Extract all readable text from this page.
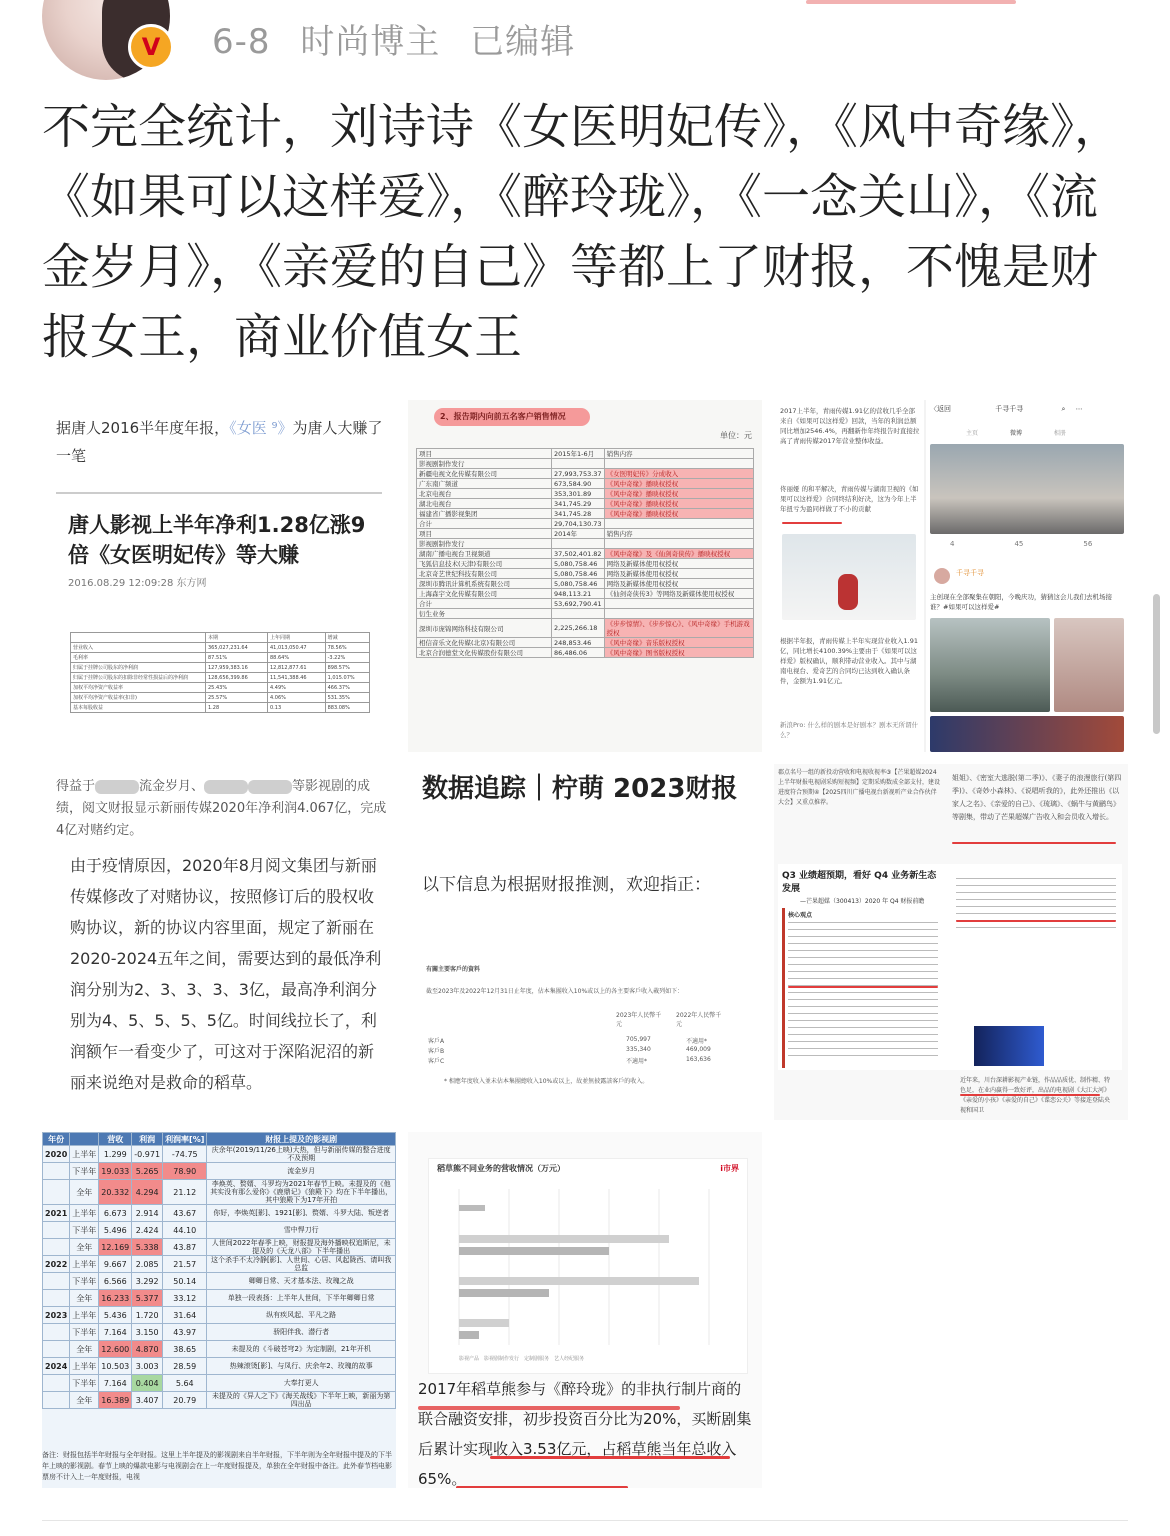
V 6-8 时尚博主 已编辑
不完全统计，刘诗诗《女医明妃传》，《风中奇缘》，《如果可以这样爱》，《醉玲珑》，《一念关山》，《流金岁月》，《亲爱的自己》等都上了财报，不愧是财报女王，商业价值女王
据唐人2016半年度年报，《女医 ⁹》为唐人大赚了一笔
唐人影视上半年净利1.28亿涨9倍《女医明妃传》等大赚
2016.08.29 12:09:28 东方网
	本期	上年同期	增减
营业收入	365,027,231.64	41,013,050.47	78.56%
毛利率	87.51%	88.64%	-3.22%
归属于挂牌公司股东的净利润	127,959,383.16	12,812,877.61	898.57%
归属于挂牌公司股东的扣除非经常性损益后的净利润	128,656,399.86	11,541,388.46	1,015.07%
加权平均净资产收益率	25.43%	4.49%	466.37%
加权平均净资产收益率(扣非)	25.57%	4.06%	531.35%
基本每股收益	1.28	0.13	883.08%
2、报告期内向前五名客户销售情况
单位：元
项目	2015年1-6月	销售内容
影视剧制作发行		
新疆电视文化传媒有限公司	27,993,753.37	《女医明妃传》分成收入
广东南广频道	673,584.90	《风中奇缘》播映权授权
北京电视台	353,301.89	《风中奇缘》播映权授权
湖北电视台	341,745.29	《风中奇缘》播映权授权
福建省广播影视集团	341,745.28	《风中奇缘》播映权授权
合计	29,704,130.73	
项目	2014年	销售内容
影视剧制作发行		
湖南广播电视台卫视频道	37,502,401.82	《风中奇缘》及《仙剑奇侠传》播映权授权
飞狐信息技术(天津)有限公司	5,080,758.46	网络及新媒体使用权授权
北京奇艺世纪科技有限公司	5,080,758.46	网络及新媒体使用权授权
深圳市腾讯计算机系统有限公司	5,080,758.46	网络及新媒体使用权授权
上海森宇文化传媒有限公司	948,113.21	《仙剑奇侠传3》等网络及新媒体使用权授权
合计	53,692,790.41	
衍生业务		
深圳市庞锦网络科技有限公司	2,225,266.18	《步步惊情》、《步步惊心》、《风中奇缘》手机游戏授权
相信音乐文化传媒(北京)有限公司	248,853.46	《风中奇缘》音乐版权授权
北京合润德堂文化传媒股份有限公司	86,486.06	《风中奇缘》图书版权授权

2017上半年，青雨传媒1.91亿的营收几乎全部来自《如果可以这样爱》回款，当年的利润总额同比增加2546.4%，再翻新作年终报告时直接拉高了青雨传媒2017年营业整体收益。

佟丽娅 的和平解决，青雨传媒与湖南卫视的《如果可以这样爱》合同终结利好决，这为今年上半年扭亏为盈同样做了不小的贡献

根据半年报，青雨传媒上半年实现营业收入1.91亿，同比增长4100.39%主要由于《如果可以这样爱》版权确认，顺利带动营业收入。其中与湖南电视台、爱奇艺的合同均已达到收入确认条件，金额为1.91亿元。

新浪Pro: 什么样的剧本是好剧本？剧本无所谓什么？

〈返回	千寻千寻	⌕ ⋯
主页	微博	相册
4	45	56
千寻千寻
主创现在全部聚集在朝阳，今晚庆功，猜猜这会儿我们去机场接谁？#如果可以这样爱#
得益于	流金岁月、	等影视剧的成绩，阅文财报显示新丽传媒2020年净利润4.067亿，完成4亿对赌约定。
由于疫情原因，2020年8月阅文集团与新丽传媒修改了对赌协议，按照修订后的股权收购协议，新的协议内容里面，规定了新丽在2020-2024五年之间，需要达到的最低净利润分别为2、3、3、3、3亿，最高净利润分别为4、5、5、5、5亿。时间线拉长了，利润额乍一看变少了，可这对于深陷泥沼的新丽来说绝对是救命的稻草。
数据追踪｜柠萌 2023财报
以下信息为根据财报推测，欢迎指正：

有關主要客戶的資料

截至2023年及2022年12月31日止年度，佔本集團收入10%或以上的各主要客戶收入載列如下：

2023年人民幣千元

2022年人民幣千元

客戶A	705,997	不適用*

客戶B	335,340	469,009

客戶C	不適用*	163,636

* 相應年度收入並未佔本集團總收入10%或以上，故並無披露該客戶的收入。

郡点名号一组的新投动营收和电视收视率③【芒果超媒2024上半年财报电视剧采购短视频】定期采购数成全部支付，建设进度符合预期④【2025四川广播电视台新视听产业合作伙伴大会】又重点推荐。
姐姐》、《密室大逃脱(第二季)》、《妻子的浪漫旅行(第四季)》、《奇妙小森林》、《说唱听我的》，此外还推出《以家人之名》、《亲爱的自己》、《琉璃》、《蜗牛与黄鹂鸟》等剧集，带动了芒果超媒广告收入和会员收入增长。
Q3 业绩超预期，看好 Q4 业务新生态发展
—芒果超媒（300413）2020 年 Q4 财报前瞻
核心观点
近年来，川台深耕影视产业链，作品品质优、制作精、特色足，在业内赢得一致好评，出品的电视剧《大江大河》《亲爱的小孩》《亲爱的自己》《谍恋公关》等接连登陆央视和国卫
年份		营收	利润	利润率[%]	财报上提及的影视剧
2020	上半年	1.299	-0.971	-74.75	庆余年(2019/11/26上映)大热，但与新丽传媒的整合进度不及预期
	下半年	19.033	5.265	78.90	流金岁月
	全年	20.332	4.294	21.12	李焕英、赘婿、斗罗均为2021年春节上映。未提及的《他其实没有那么爱你》《鹿鼎记》《狼殿下》均在下半年播出，其中狼殿下为17年开拍
2021	上半年	6.673	2.914	43.67	你好，李焕英[影]、1921[影]、赘婿、斗罗大陆、叛逆者
	下半年	5.496	2.424	44.10	雪中悍刀行
	全年	12.169	5.338	43.87	人世间2022年春季上映，财报提及海外播映权追斯尼，未提及的《天龙八部》下半年播出
2022	上半年	9.667	2.085	21.57	这个杀手不太冷静[影]、人世间、心居、风起陇西、请叫我总监
	下半年	6.566	3.292	50.14	卿卿日常、天才基本法、玫瑰之战
	全年	16.233	5.377	33.12	单独一段表扬：上半年人世间，下半年卿卿日常
2023	上半年	5.436	1.720	31.64	纵有疾风起、平凡之路
	下半年	7.164	3.150	43.97	骄阳伴我、潜行者
	全年	12.600	4.870	38.65	未提及的《斗破苍穹2》为定制剧，21年开机
2024	上半年	10.503	3.003	28.59	热辣滚烫[影]、与凤行、庆余年2、玫瑰的故事
	下半年	7.164	0.404	5.64	大奉打更人
	全年	16.389	3.407	20.79	未提及的《异人之下》《海关战线》下半年上映，新丽为第四出品
备注：财报包括半年财报与全年财报。这里上半年提及的影视剧来自半年财报，下半年则为全年财报中提及的下半年上映的影视剧。春节上映的爆款电影与电视剧会在上一年度财报提及，单独在全年财报中备注。此外春节档电影票房不计入上一年度财报，电视
稻草熊不同业务的营收情况（万元）	i市界
影视产品　 影视剧制作发行　 定制剧服务　 艺人经纪服务
2017年稻草熊参与《醉玲珑》的非执行制片商的联合融资安排，初步投资百分比为20%，买断剧集后累计实现收入3.53亿元，占稻草熊当年总收入65%。
